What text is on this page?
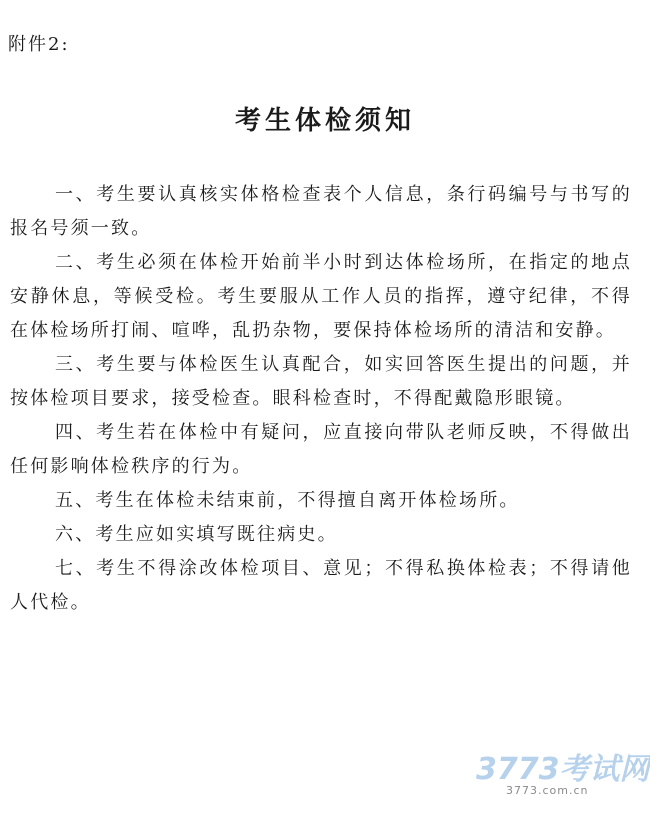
附件2:
考生体检须知

一、考生要认真核实体格检查表个人信息，条行码编号与书写的报名号须一致。

二、考生必须在体检开始前半小时到达体检场所，在指定的地点安静休息，等候受检。考生要服从工作人员的指挥，遵守纪律，不得在体检场所打闹、喧哗，乱扔杂物，要保持体检场所的清洁和安静。

三、考生要与体检医生认真配合，如实回答医生提出的问题，并按体检项目要求，接受检查。眼科检查时，不得配戴隐形眼镜。

四、考生若在体检中有疑问，应直接向带队老师反映，不得做出任何影响体检秩序的行为。

五、考生在体检未结束前，不得擅自离开体检场所。

六、考生应如实填写既往病史。

七、考生不得涂改体检项目、意见；不得私换体检表；不得请他人代检。

3773考试网
3773.com.cn
